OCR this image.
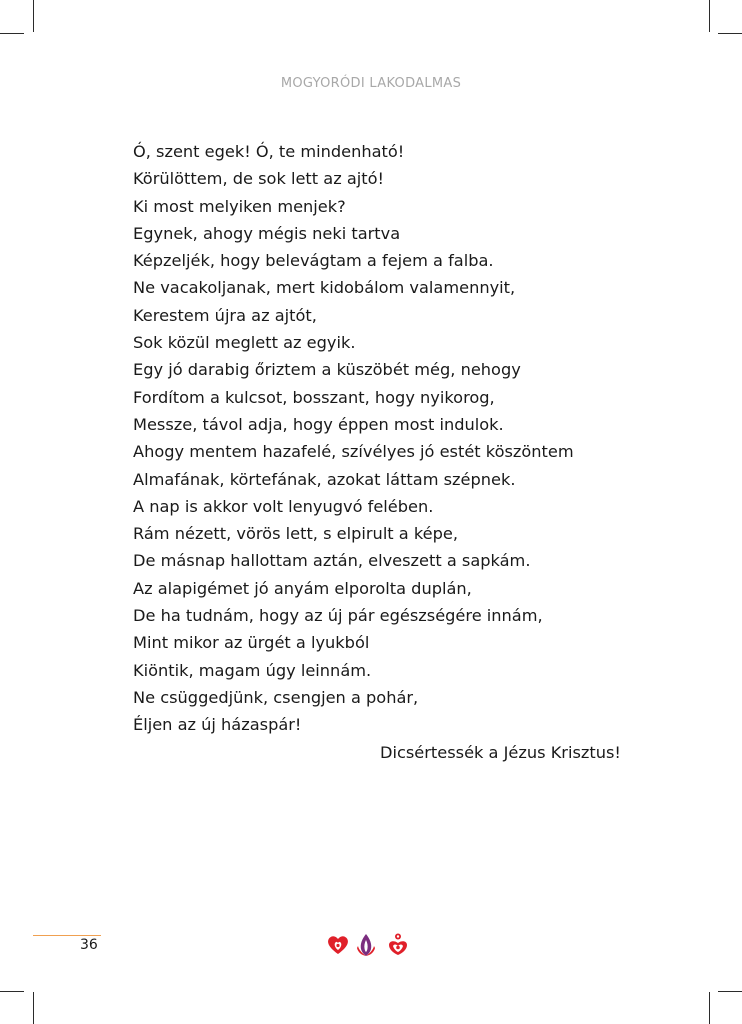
MOGYORÓDI LAKODALMAS
Ó, szent egek! Ó, te mindenható!
Körülöttem, de sok lett az ajtó!
Ki most melyiken menjek?
Egynek, ahogy mégis neki tartva
Képzeljék, hogy belevágtam a fejem a falba.
Ne vacakoljanak, mert kidobálom valamennyit,
Kerestem újra az ajtót,
Sok közül meglett az egyik.
Egy jó darabig őriztem a küszöbét még, nehogy
Fordítom a kulcsot, bosszant, hogy nyikorog,
Messze, távol adja, hogy éppen most indulok.
Ahogy mentem hazafelé, szívélyes jó estét köszöntem
Almafának, körtefának, azokat láttam szépnek.
A nap is akkor volt lenyugvó felében.
Rám nézett, vörös lett, s elpirult a képe,
De másnap hallottam aztán, elveszett a sapkám.
Az alapigémet jó anyám elporolta duplán,
De ha tudnám, hogy az új pár egészségére innám,
Mint mikor az ürgét a lyukból
Kiöntik, magam úgy leinnám.
Ne csüggedjünk, csengjen a pohár,
Éljen az új házaspár!
Dicsértessék a Jézus Krisztus!
36
